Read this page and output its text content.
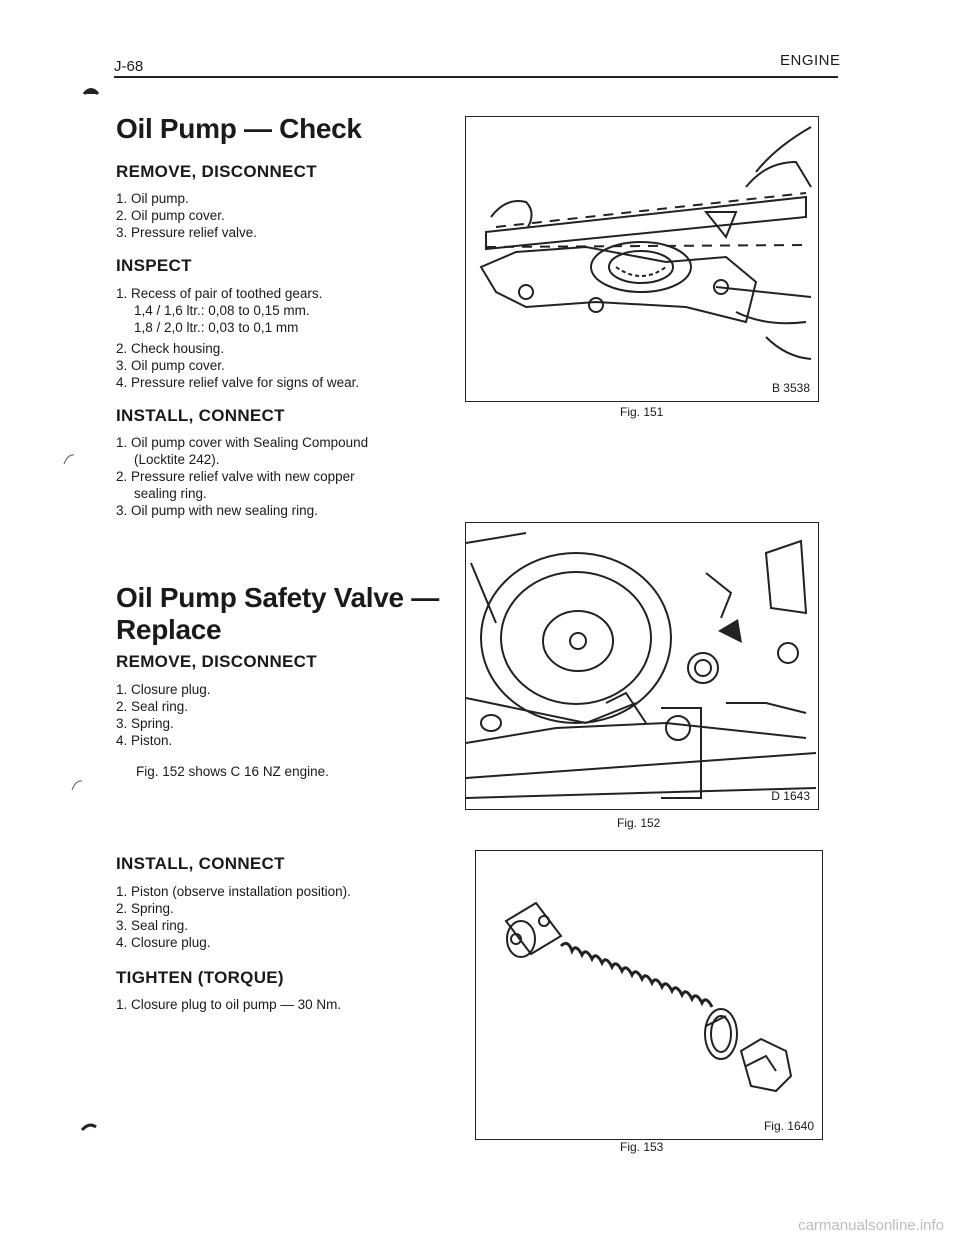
J-68	ENGINE
Oil Pump — Check
REMOVE, DISCONNECT
1. Oil pump.
2. Oil pump cover.
3. Pressure relief valve.
INSPECT
1. Recess of pair of toothed gears.
1,4 / 1,6 ltr.: 0,08 to 0,15 mm.
1,8 / 2,0 ltr.: 0,03 to 0,1 mm
2. Check housing.
3. Oil pump cover.
4. Pressure relief valve for signs of wear.
INSTALL, CONNECT
1. Oil pump cover with Sealing Compound
(Locktite 242).
2. Pressure relief valve with new copper
sealing ring.
3. Oil pump with new sealing ring.
Oil Pump Safety Valve —
Replace
REMOVE, DISCONNECT
1. Closure plug.
2. Seal ring.
3. Spring.
4. Piston.
Fig. 152 shows C 16 NZ engine.
INSTALL, CONNECT
1. Piston (observe installation position).
2. Spring.
3. Seal ring.
4. Closure plug.
TIGHTEN (TORQUE)
1. Closure plug to oil pump — 30 Nm.
B 3538
Fig. 151
D 1643
Fig. 152
Fig. 1640
Fig. 153
carmanualsonline.info
